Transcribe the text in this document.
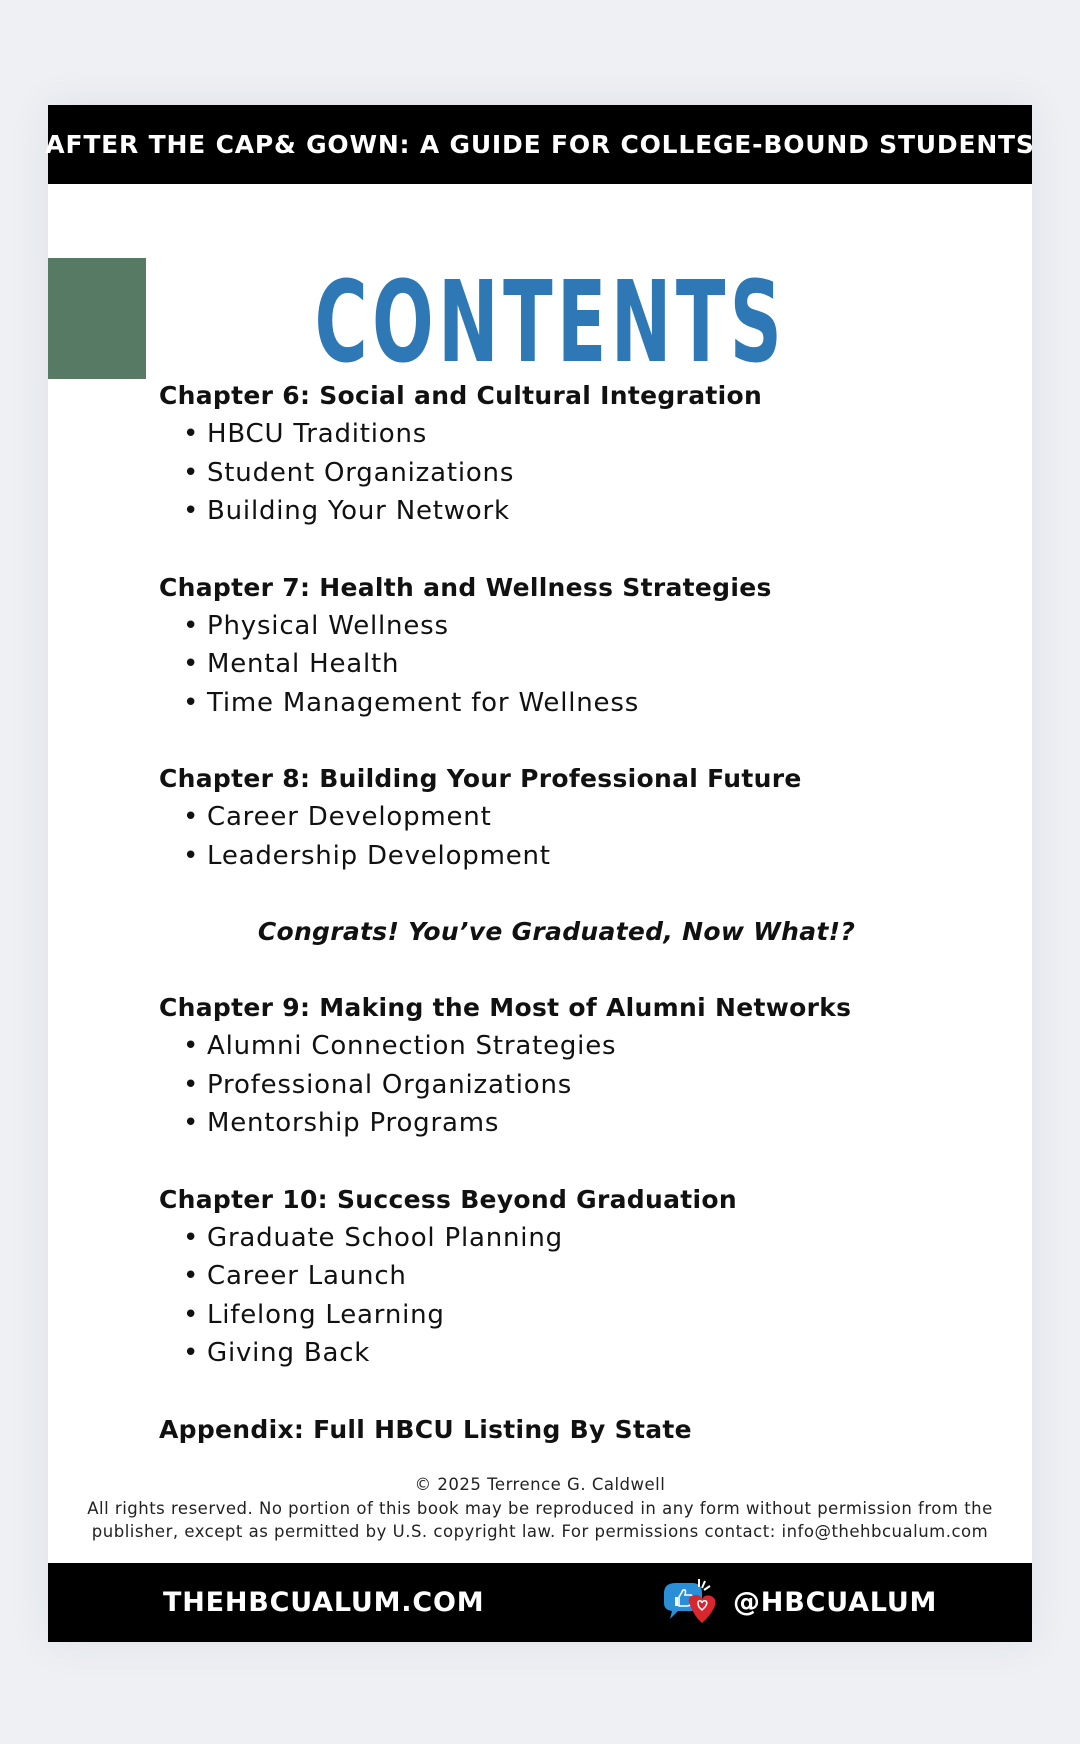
AFTER THE CAP& GOWN: A GUIDE FOR COLLEGE-BOUND STUDENTS
CONTENTS
Chapter 6: Social and Cultural Integration
• HBCU Traditions
• Student Organizations
• Building Your Network
Chapter 7: Health and Wellness Strategies
• Physical Wellness
• Mental Health
• Time Management for Wellness
Chapter 8: Building Your Professional Future
• Career Development
• Leadership Development
Congrats! You’ve Graduated, Now What!?
Chapter 9: Making the Most of Alumni Networks
• Alumni Connection Strategies
• Professional Organizations
• Mentorship Programs
Chapter 10: Success Beyond Graduation
• Graduate School Planning
• Career Launch
• Lifelong Learning
• Giving Back
Appendix: Full HBCU Listing By State
© 2025 Terrence G. Caldwell
All rights reserved. No portion of this book may be reproduced in any form without permission from the
publisher, except as permitted by U.S. copyright law. For permissions contact: info@thehbcualum.com
THEHBCUALUM.COM	@HBCUALUM
